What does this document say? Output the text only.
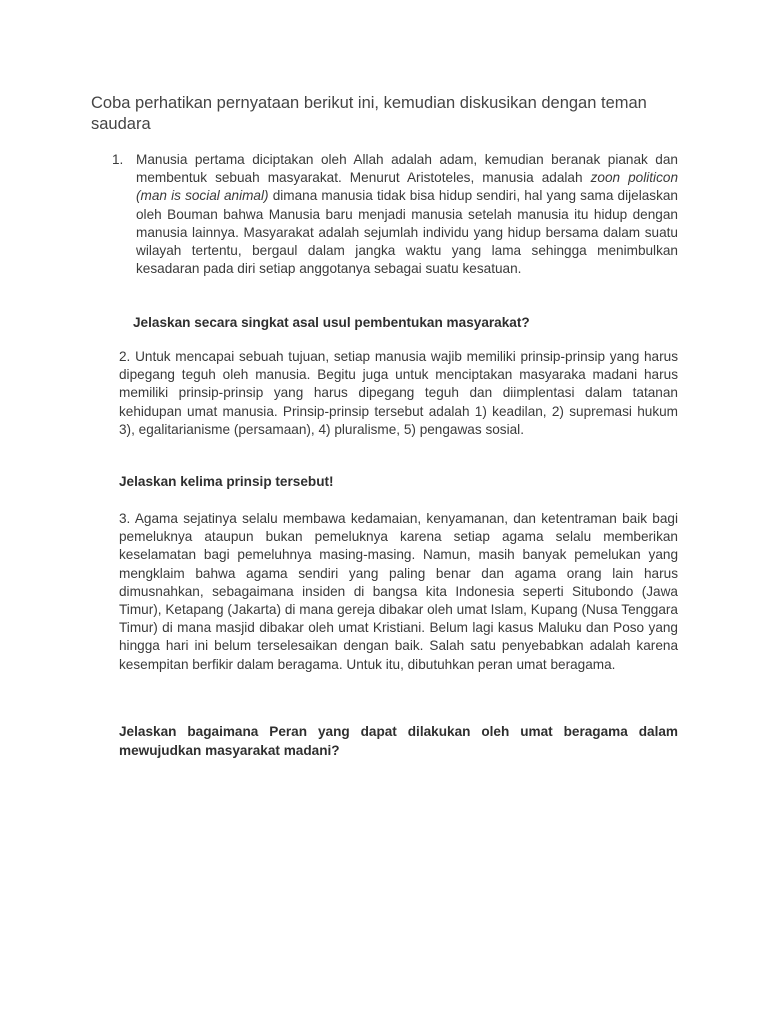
Coba perhatikan pernyataan berikut ini, kemudian diskusikan dengan teman saudara
1. Manusia pertama diciptakan oleh Allah adalah adam, kemudian beranak pianak dan membentuk sebuah masyarakat. Menurut Aristoteles, manusia adalah zoon politicon (man is social animal) dimana manusia tidak bisa hidup sendiri, hal yang sama dijelaskan oleh Bouman bahwa Manusia baru menjadi manusia setelah manusia itu hidup dengan manusia lainnya. Masyarakat adalah sejumlah individu yang hidup bersama dalam suatu wilayah tertentu, bergaul dalam jangka waktu yang lama sehingga menimbulkan kesadaran pada diri setiap anggotanya sebagai suatu kesatuan.
Jelaskan secara singkat asal usul pembentukan masyarakat?
2. Untuk mencapai sebuah tujuan, setiap manusia wajib memiliki prinsip-prinsip yang harus dipegang teguh oleh manusia. Begitu juga untuk menciptakan masyaraka madani harus memiliki prinsip-prinsip yang harus dipegang teguh dan diimplentasi dalam tatanan kehidupan umat manusia. Prinsip-prinsip tersebut adalah 1) keadilan, 2) supremasi hukum 3), egalitarianisme (persamaan), 4) pluralisme, 5) pengawas sosial.
Jelaskan kelima prinsip tersebut!
3. Agama sejatinya selalu membawa kedamaian, kenyamanan, dan ketentraman baik bagi pemeluknya ataupun bukan pemeluknya karena setiap agama selalu memberikan keselamatan bagi pemeluhnya masing-masing. Namun, masih banyak pemelukan yang mengklaim bahwa agama sendiri yang paling benar dan agama orang lain harus dimusnahkan, sebagaimana insiden di bangsa kita Indonesia seperti Situbondo (Jawa Timur), Ketapang (Jakarta) di mana gereja dibakar oleh umat Islam, Kupang (Nusa Tenggara Timur) di mana masjid dibakar oleh umat Kristiani. Belum lagi kasus Maluku dan Poso yang hingga hari ini belum terselesaikan dengan baik. Salah satu penyebabkan adalah karena kesempitan berfikir dalam beragama. Untuk itu, dibutuhkan peran umat beragama.
Jelaskan bagaimana Peran yang dapat dilakukan oleh umat beragama dalam mewujudkan masyarakat madani?
